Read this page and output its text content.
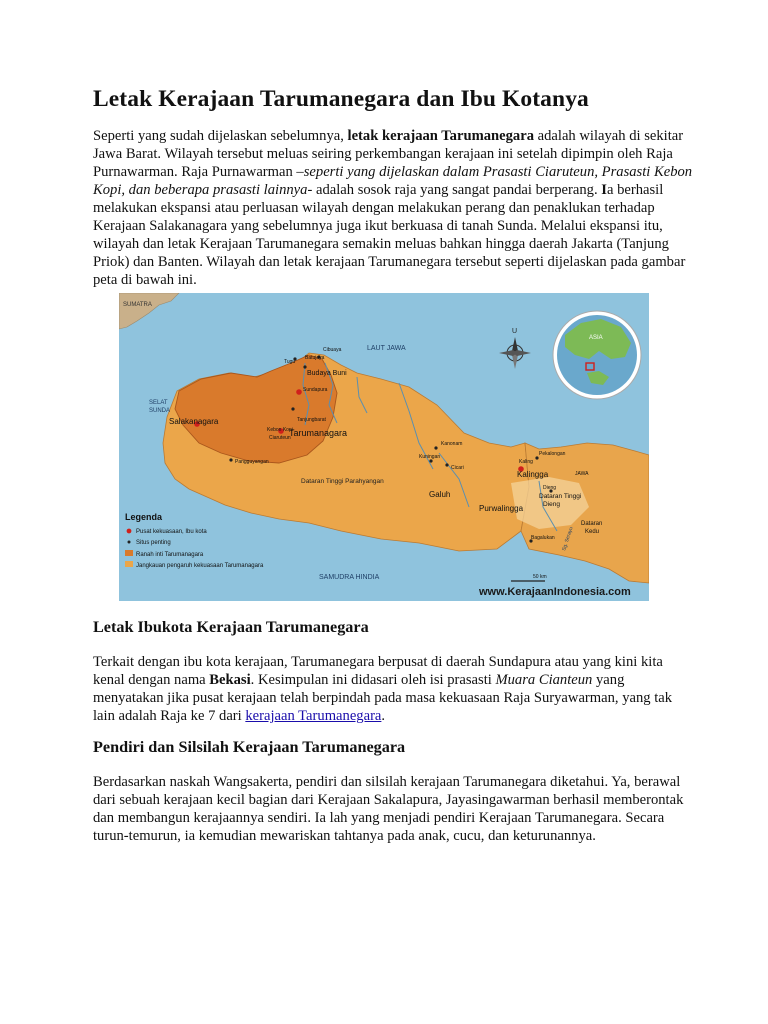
Letak Kerajaan Tarumanegara dan Ibu Kotanya

Seperti yang sudah dijelaskan sebelumnya, letak kerajaan Tarumanegara adalah wilayah di sekitar Jawa Barat. Wilayah tersebut meluas seiring perkembangan kerajaan ini setelah dipimpin oleh Raja Purnawarman. Raja Purnawarman –seperti yang dijelaskan dalam Prasasti Ciaruteun, Prasasti Kebon Kopi, dan beberapa prasasti lainnya- adalah sosok raja yang sangat pandai berperang. Ia berhasil melakukan ekspansi atau perluasan wilayah dengan melakukan perang dan penaklukan terhadap Kerajaan Salakanagara yang sebelumnya juga ikut berkuasa di tanah Sunda. Melalui ekspansi itu, wilayah dan letak Kerajaan Tarumanegara semakin meluas bahkan hingga daerah Jakarta (Tanjung Priok) dan Banten. Wilayah dan letak kerajaan Tarumanegara tersebut seperti dijelaskan pada gambar peta di bawah ini.

ASIA
U
SUMATRA
LAUT JAWA
SELAT
SUNDA
SAMUDRA HINDIA
Salakanagara
Tarumanagara
Tugu
Cibuaya
Batujaya
Budaya Buni
Sundapura
Tanjungbarat
Kebon Kopi
Ciaruteun
Pangguyangan
Dataran Tinggi Parahyangan
Kanonam
Kuningan
Cicari
Galuh
Purwalingga
Pekalongan
Kaling
Kalingga	JAWA
Dieng
Dataran Tinggi
Dieng
Dataran
Kedu
Bagalukan Sg. Serayu
Legenda
Pusat kekuasaan, Ibu kota
Situs penting
Ranah inti Tarumanagara
Jangkauan pengaruh kekuasaan Tarumanagara
50 km
www.KerajaanIndonesia.com
Letak Ibukota Kerajaan Tarumanegara

Terkait dengan ibu kota kerajaan, Tarumanegara berpusat di daerah Sundapura atau yang kini kita kenal dengan nama Bekasi. Kesimpulan ini didasari oleh isi prasasti Muara Cianteun yang menyatakan jika pusat kerajaan telah berpindah pada masa kekuasaan Raja Suryawarman, yang tak lain adalah Raja ke 7 dari kerajaan Tarumanegara.

Pendiri dan Silsilah Kerajaan Tarumanegara

Berdasarkan naskah Wangsakerta, pendiri dan silsilah kerajaan Tarumanegara diketahui. Ya, berawal dari sebuah kerajaan kecil bagian dari Kerajaan Sakalapura, Jayasingawarman berhasil memberontak dan membangun kerajaannya sendiri. Ia lah yang menjadi pendiri Kerajaan Tarumanegara. Secara turun-temurun, ia kemudian mewariskan tahtanya pada anak, cucu, dan keturunannya.
